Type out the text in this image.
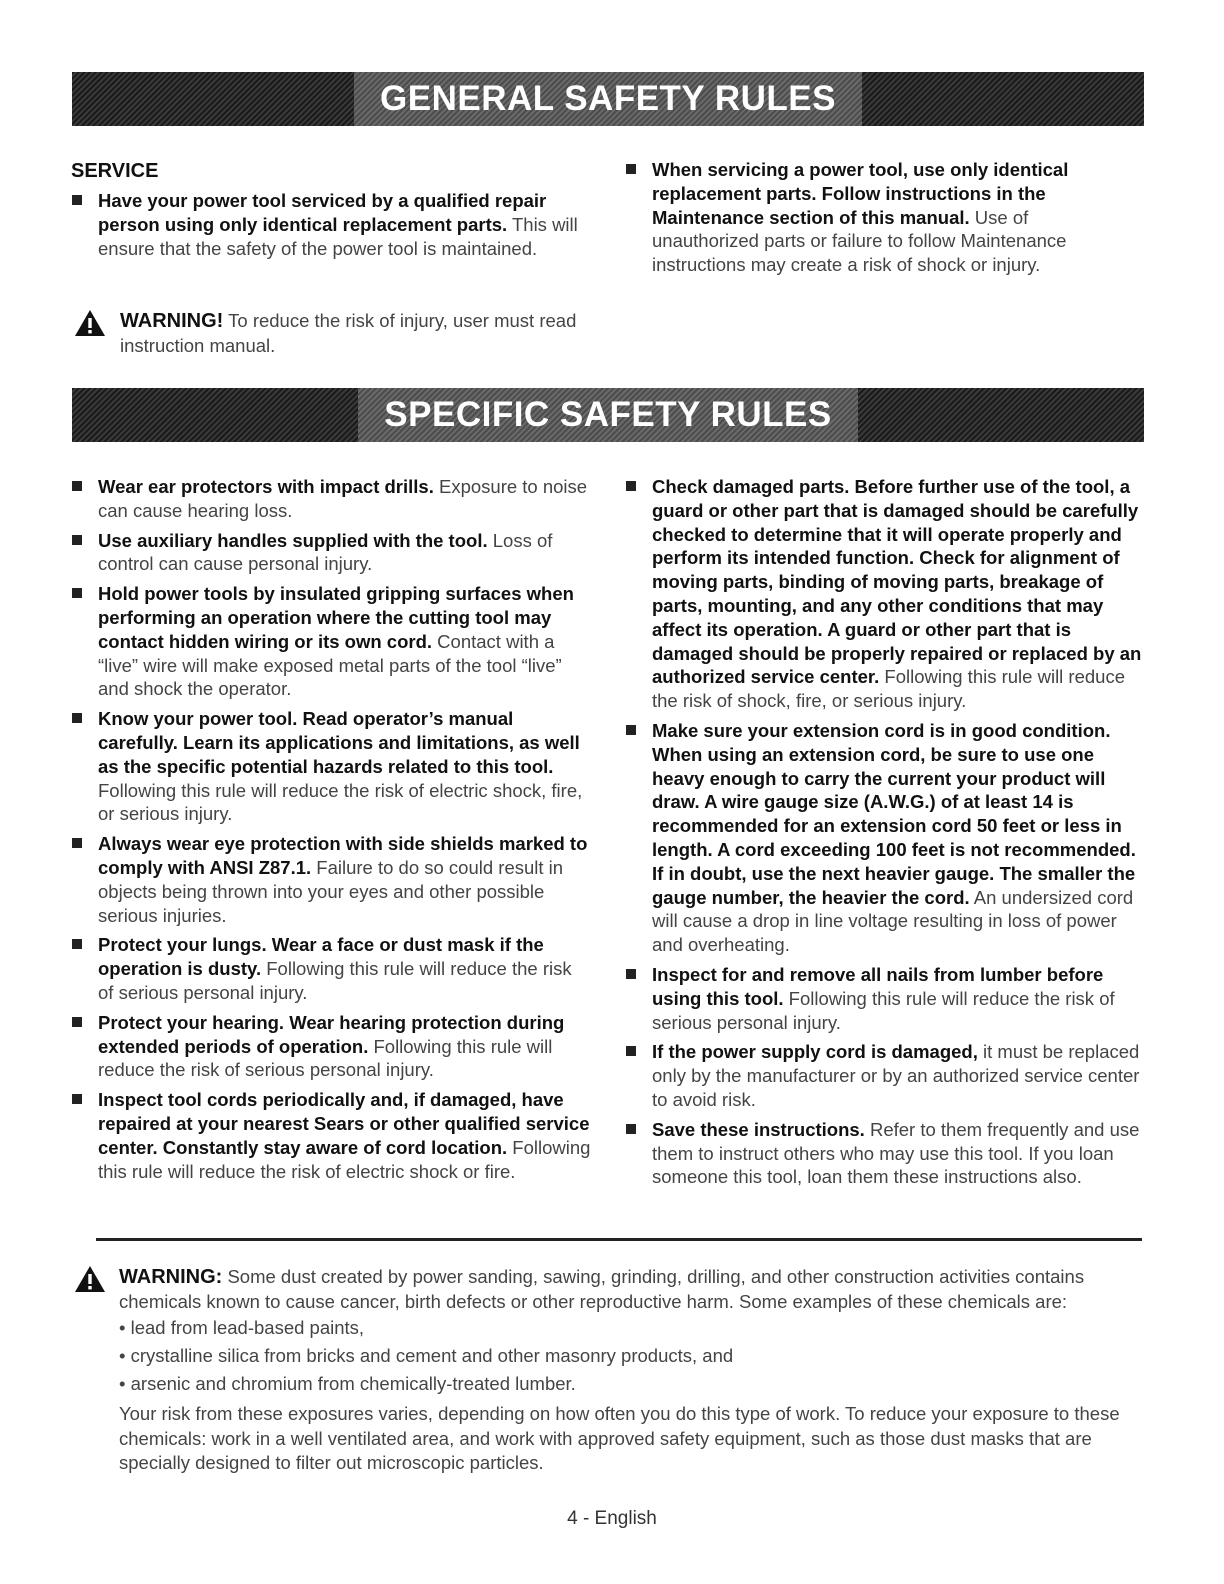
GENERAL SAFETY RULES
SERVICE
Have your power tool serviced by a qualified repair person using only identical replacement parts. This will ensure that the safety of the power tool is maintained.
When servicing a power tool, use only identical replacement parts. Follow instructions in the Maintenance section of this manual. Use of unauthorized parts or failure to follow Maintenance instructions may create a risk of shock or injury.
WARNING! To reduce the risk of injury, user must read instruction manual.
SPECIFIC SAFETY RULES
Wear ear protectors with impact drills. Exposure to noise can cause hearing loss.
Use auxiliary handles supplied with the tool. Loss of control can cause personal injury.
Hold power tools by insulated gripping surfaces when performing an operation where the cutting tool may contact hidden wiring or its own cord. Contact with a “live” wire will make exposed metal parts of the tool “live” and shock the operator.
Know your power tool. Read operator’s manual carefully. Learn its applications and limitations, as well as the specific potential hazards related to this tool. Following this rule will reduce the risk of electric shock, fire, or serious injury.
Always wear eye protection with side shields marked to comply with ANSI Z87.1. Failure to do so could result in objects being thrown into your eyes and other possible serious injuries.
Protect your lungs. Wear a face or dust mask if the operation is dusty. Following this rule will reduce the risk of serious personal injury.
Protect your hearing. Wear hearing protection during extended periods of operation. Following this rule will reduce the risk of serious personal injury.
Inspect tool cords periodically and, if damaged, have repaired at your nearest Sears or other qualified service center. Constantly stay aware of cord location. Following this rule will reduce the risk of electric shock or fire.
Check damaged parts. Before further use of the tool, a guard or other part that is damaged should be carefully checked to determine that it will operate properly and perform its intended function. Check for alignment of moving parts, binding of moving parts, breakage of parts, mounting, and any other conditions that may affect its operation. A guard or other part that is damaged should be properly repaired or replaced by an authorized service center. Following this rule will reduce the risk of shock, fire, or serious injury.
Make sure your extension cord is in good condition. When using an extension cord, be sure to use one heavy enough to carry the current your product will draw. A wire gauge size (A.W.G.) of at least 14 is recommended for an extension cord 50 feet or less in length. A cord exceeding 100 feet is not recommended. If in doubt, use the next heavier gauge. The smaller the gauge number, the heavier the cord. An undersized cord will cause a drop in line voltage resulting in loss of power and overheating.
Inspect for and remove all nails from lumber before using this tool. Following this rule will reduce the risk of serious personal injury.
If the power supply cord is damaged, it must be replaced only by the manufacturer or by an authorized service center to avoid risk.
Save these instructions. Refer to them frequently and use them to instruct others who may use this tool. If you loan someone this tool, loan them these instructions also.
WARNING: Some dust created by power sanding, sawing, grinding, drilling, and other construction activities contains chemicals known to cause cancer, birth defects or other reproductive harm. Some examples of these chemicals are:
• lead from lead-based paints,
• crystalline silica from bricks and cement and other masonry products, and
• arsenic and chromium from chemically-treated lumber.
Your risk from these exposures varies, depending on how often you do this type of work. To reduce your exposure to these chemicals: work in a well ventilated area, and work with approved safety equipment, such as those dust masks that are specially designed to filter out microscopic particles.
4 - English
